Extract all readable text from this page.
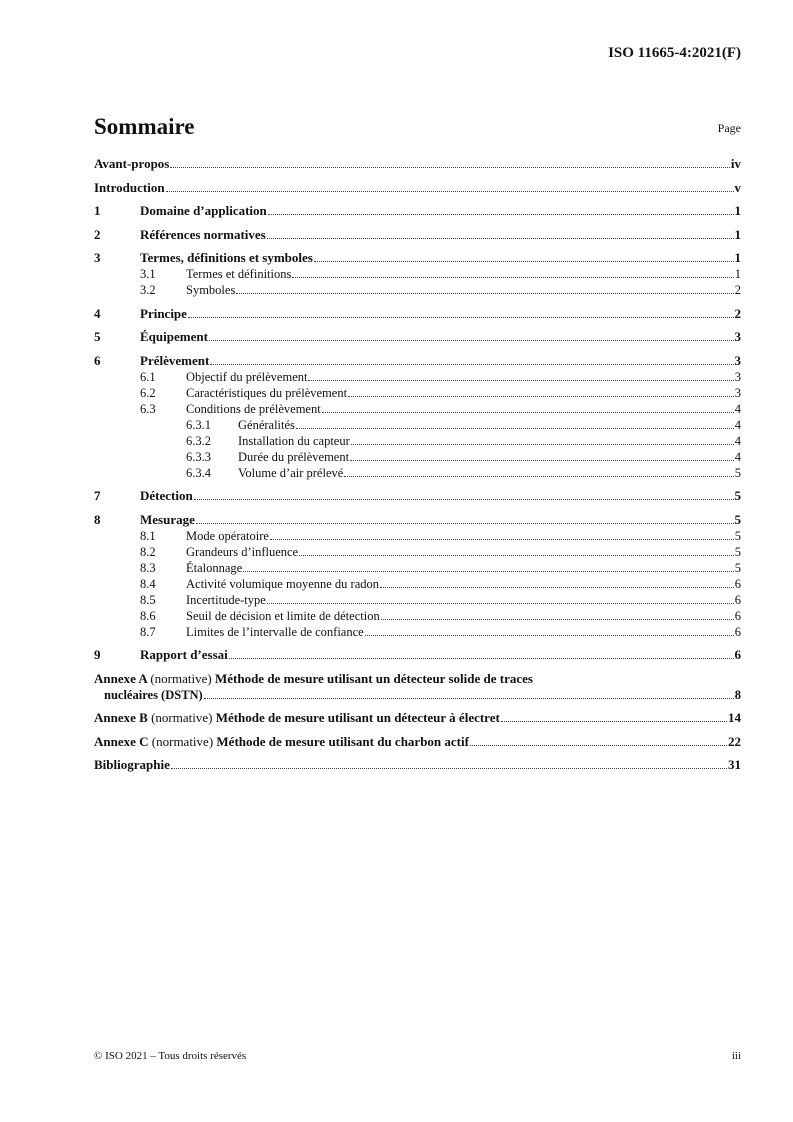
ISO 11665-4:2021(F)
Sommaire	Page
Avant-propos	iv
Introduction	v
1	Domaine d’application	1
2	Références normatives	1
3	Termes, définitions et symboles	1
3.1	Termes et définitions	1
3.2	Symboles	2
4	Principe	2
5	Équipement	3
6	Prélèvement	3
6.1	Objectif du prélèvement	3
6.2	Caractéristiques du prélèvement	3
6.3	Conditions de prélèvement	4
6.3.1	Généralités	4
6.3.2	Installation du capteur	4
6.3.3	Durée du prélèvement	4
6.3.4	Volume d’air prélevé	5
7	Détection	5
8	Mesurage	5
8.1	Mode opératoire	5
8.2	Grandeurs d’influence	5
8.3	Étalonnage	5
8.4	Activité volumique moyenne du radon	6
8.5	Incertitude-type	6
8.6	Seuil de décision et limite de détection	6
8.7	Limites de l’intervalle de confiance	6
9	Rapport d’essai	6
Annexe A (normative) Méthode de mesure utilisant un détecteur solide de traces
nucléaires (DSTN)	8
Annexe B (normative) Méthode de mesure utilisant un détecteur à électret	14
Annexe C (normative) Méthode de mesure utilisant du charbon actif	22
Bibliographie	31
© ISO 2021 – Tous droits réservés	iii
